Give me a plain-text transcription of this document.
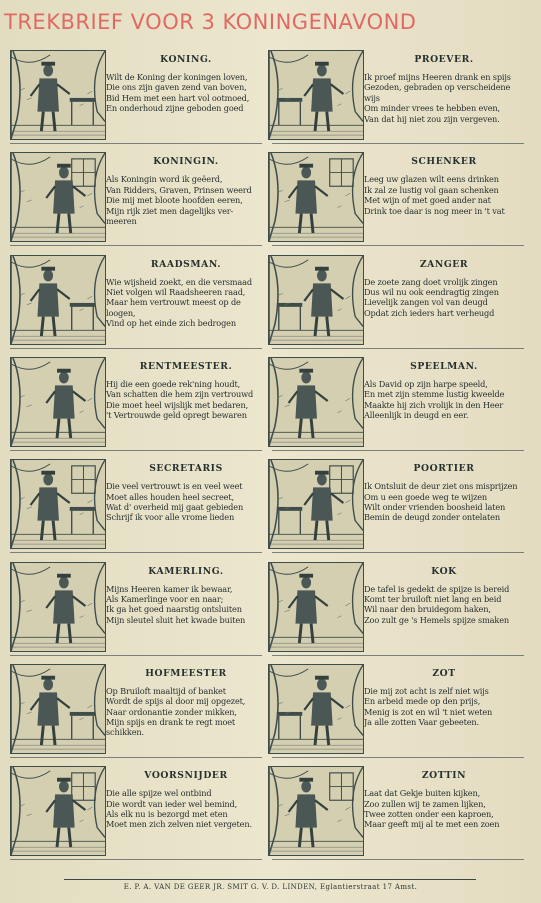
TREKBRIEF VOOR 3 KONINGENAVOND
KONING.
Wilt de Koning der koningen loven,
Die ons zijn gaven zend van boven,
Bid Hem met een hart vol ootmoed,
En onderhoud zijne geboden goed
KONINGIN.
Als Koningin word ik geëerd,
Van Ridders, Graven, Prinsen weerd
Die mij met bloote hoofden eeren,
Mijn rijk ziet men dagelijks ver-
meeren
RAADSMAN.
Wie wijsheid zoekt, en die versmaad
Niet volgen wil Raadsheeren raad,
Maar hem vertrouwt meest op de
loogen,
Vind op het einde zich bedrogen
RENTMEESTER.
Hij die een goede rek'ning houdt,
Van schatten die hem zijn vertrouwd
Die moet heel wijslijk met bedaren,
't Vertrouwde geld opregt bewaren
SECRETARIS
Die veel vertrouwt is en veel weet
Moet alles houden heel secreet,
Wat d' overheid mij gaat gebieden
Schrijf ik voor alle vrome lieden
KAMERLING.
Mijns Heeren kamer ik bewaar,
Als Kamerlinge voor en naar;
Ik ga het goed naarstig ontsluiten
Mijn sleutel sluit het kwade buiten
HOFMEESTER
Op Bruiloft maaltijd of banket
Wordt de spijs al door mij opgezet,
Naar ordonantie zonder mikken,
Mijn spijs en drank te regt moet
schikken.
VOORSNIJDER
Die alle spijze wel ontbind
Die wordt van ieder wel bemind,
Als elk nu is bezorgd met eten
Moet men zich zelven niet vergeten.
PROEVER.
Ik proef mijns Heeren drank en spijs
Gezoden, gebraden op verscheidene
wijs
Om minder vrees te hebben even,
Van dat hij niet zou zijn vergeven.
SCHENKER
Leeg uw glazen wilt eens drinken
Ik zal ze lustig vol gaan schenken
Met wijn of met goed ander nat
Drink toe daar is nog meer in 't vat
ZANGER
De zoete zang doet vrolijk zingen
Dus wil nu ook eendragtig zingen
Lievelijk zangen vol van deugd
Opdat zich ieders hart verheugd
SPEELMAN.
Als David op zijn harpe speeld,
En met zijn stemme lustig kweelde
Maakte hij zich vrolijk in den Heer
Alleenlijk in deugd en eer.
POORTIER
Ik Ontsluit de deur ziet ons misprijzen
Om u een goede weg te wijzen
Wilt onder vrienden boosheid laten
Bemin de deugd zonder ontelaten
KOK
De tafel is gedekt de spijze is bereid
Komt ter bruiloft niet lang en beid
Wil naar den bruidegom haken,
Zoo zult ge 's Hemels spijze smaken
ZOT
Die mij zot acht is zelf niet wijs
En arbeid mede op den prijs,
Menig is zot en wil 't niet weten
Ja alle zotten Vaar gebeeten.
ZOTTIN
Laat dat Gekje buiten kijken,
Zoo zullen wij te zamen lijken,
Twee zotten onder een kaproen,
Maar geeft mij al te met een zoen
E. P. A. VAN DE GEER JR. SMIT G. V. D. LINDEN, Eglantierstraat 17 Amst.
